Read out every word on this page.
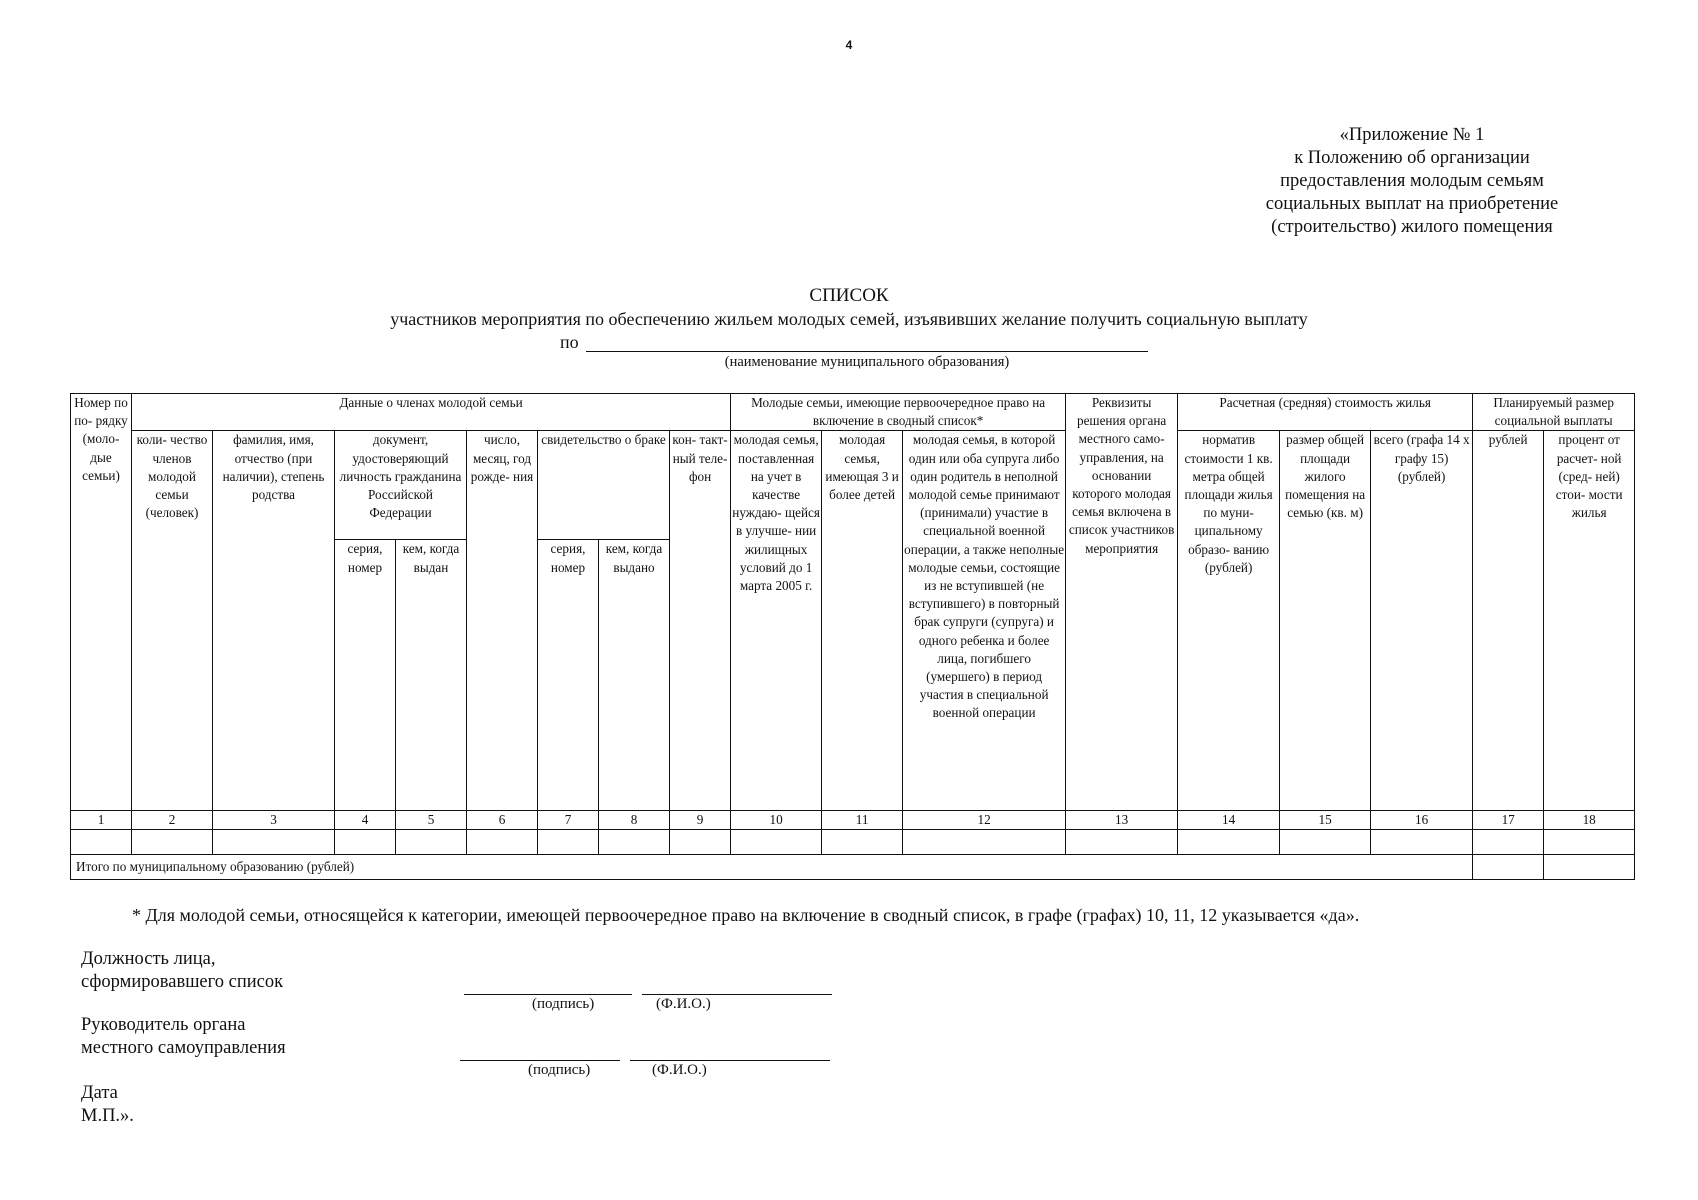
4
«Приложение № 1
к Положению об организации
предоставления молодым семьям
социальных выплат на приобретение
(строительство) жилого помещения
СПИСОК
участников мероприятия по обеспечению жильем молодых семей, изъявивших желание получить социальную выплату
по
(наименование муниципального образования)
Номер по по- рядку (моло- дые семьи)	Данные о членах молодой семьи								Молодые семьи, имеющие первоочередное право на включение в сводный список*			Реквизиты решения органа местного само- управления, на основании которого молодая семья включена в список участников мероприятия	Расчетная (средняя) стоимость жилья			Планируемый размер социальной выплаты	
	коли- чество членов молодой семьи (человек)	фамилия, имя, отчество (при наличии), степень родства	документ, удостоверяющий личность гражданина Российской Федерации		число, месяц, год рожде- ния	свидетельство о браке		кон- такт- ный теле- фон	молодая семья, поставленная на учет в качестве нуждаю- щейся в улучше- нии жилищных условий до 1 марта 2005 г.	молодая семья, имеющая 3 и более детей	молодая семья, в которой один или оба супруга либо один родитель в неполной молодой семье принимают (принимали) участие в специальной военной операции, а также неполные молодые семьи, состоящие из не вступившей (не вступившего) в повторный брак супруги (супруга) и одного ребенка и более лица, погибшего (умершего) в период участия в специальной военной операции		норматив стоимости 1 кв. метра общей площади жилья по муни- ципальному образо- ванию (рублей)	размер общей площади жилого помещения на семью (кв. м)	всего (графа 14 х графу 15) (рублей)	рублей	процент от расчет- ной (сред- ней) стои- мости жилья
			серия, номер	кем, когда выдан		серия, номер	кем, когда выдано										
1	2	3	4	5	6	7	8	9	10	11	12	13	14	15	16	17	18

Итого по муниципальному образованию (рублей)																	
* Для молодой семьи, относящейся к категории, имеющей первоочередное право на включение в сводный список, в графе (графах) 10, 11, 12 указывается «да».
Должность лица,
сформировавшего список
(подпись)	(Ф.И.О.)
Руководитель органа
местного самоуправления
(подпись)	(Ф.И.О.)
Дата
М.П.».
